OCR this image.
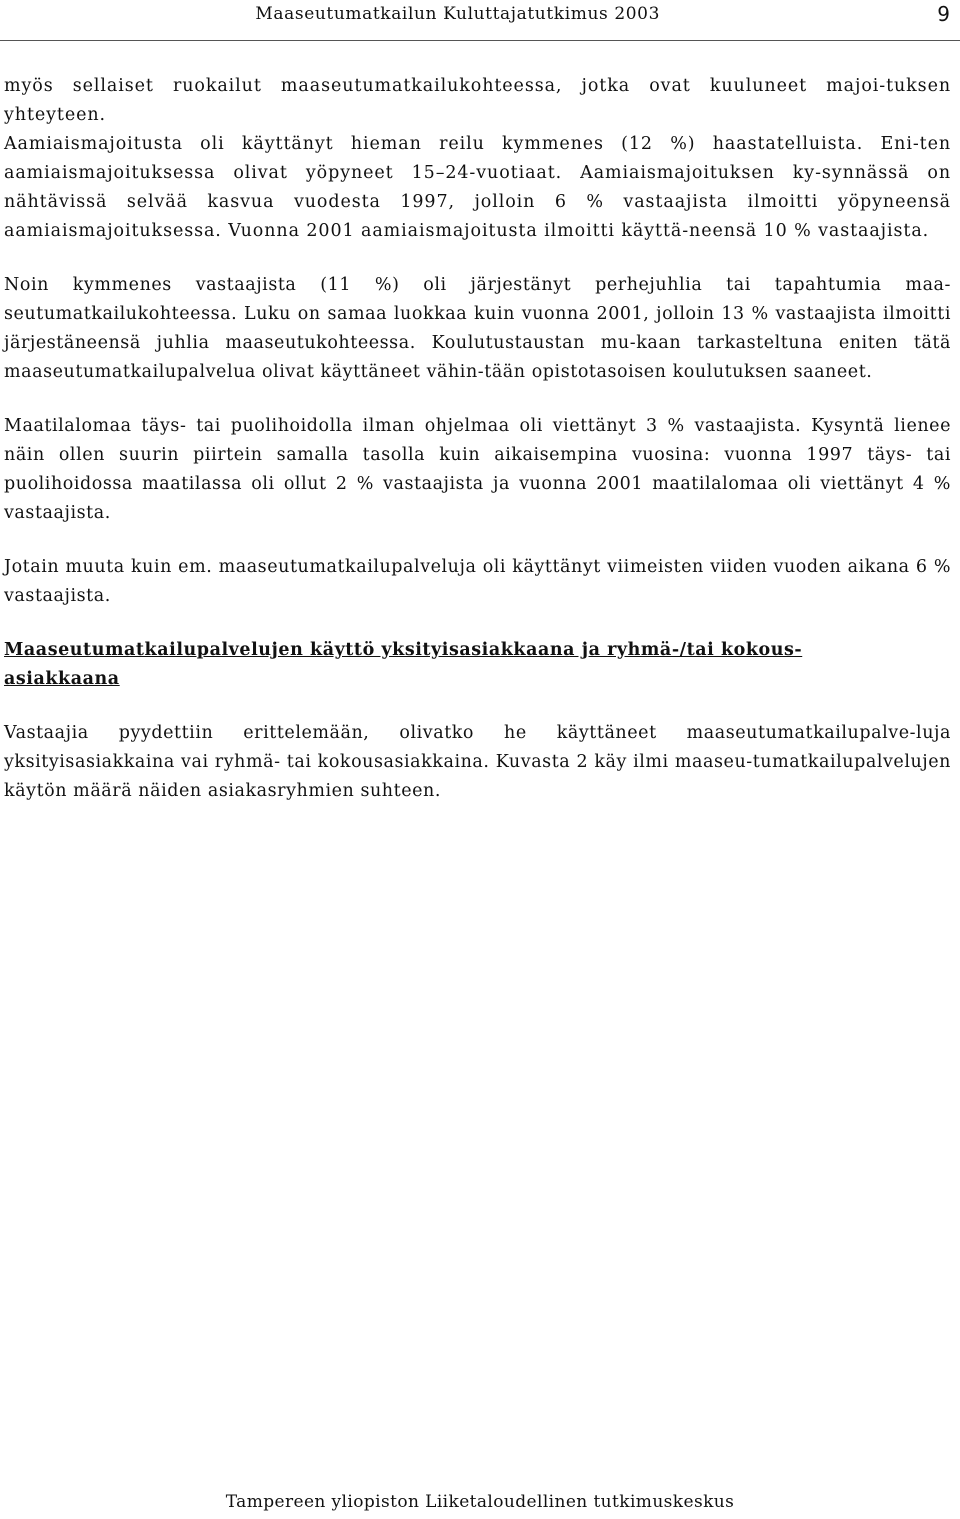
Maaseutumatkailun Kuluttajatutkimus 2003	9

myös sellaiset ruokailut maaseutumatkailukohteessa, jotka ovat kuuluneet majoi-tuksen yhteyteen.
Aamiaismajoitusta oli käyttänyt hieman reilu kymmenes (12 %) haastatelluista. Eni-ten aamiaismajoituksessa olivat yöpyneet 15–24-vuotiaat. Aamiaismajoituksen ky-synnässä on nähtävissä selvää kasvua vuodesta 1997, jolloin 6 % vastaajista ilmoitti yöpyneensä aamiaismajoituksessa. Vuonna 2001 aamiaismajoitusta ilmoitti käyttä-neensä 10 % vastaajista.

Noin kymmenes vastaajista (11 %) oli järjestänyt perhejuhlia tai tapahtumia maa-seutumatkailukohteessa. Luku on samaa luokkaa kuin vuonna 2001, jolloin 13 % vastaajista ilmoitti järjestäneensä juhlia maaseutukohteessa. Koulutustaustan mu-kaan tarkasteltuna eniten tätä maaseutumatkailupalvelua olivat käyttäneet vähin-tään opistotasoisen koulutuksen saaneet.

Maatilalomaa täys- tai puolihoidolla ilman ohjelmaa oli viettänyt 3 % vastaajista. Kysyntä lienee näin ollen suurin piirtein samalla tasolla kuin aikaisempina vuosina: vuonna 1997 täys- tai puolihoidossa maatilassa oli ollut 2 % vastaajista ja vuonna 2001 maatilalomaa oli viettänyt 4 % vastaajista.

Jotain muuta kuin em. maaseutumatkailupalveluja oli käyttänyt viimeisten viiden vuoden aikana 6 % vastaajista.

Maaseutumatkailupalvelujen käyttö yksityisasiakkaana ja ryhmä-/tai kokous-asiakkaana

Vastaajia pyydettiin erittelemään, olivatko he käyttäneet maaseutumatkailupalve-luja yksityisasiakkaina vai ryhmä- tai kokousasiakkaina. Kuvasta 2 käy ilmi maaseu-tumatkailupalvelujen käytön määrä näiden asiakasryhmien suhteen.

Tampereen yliopiston Liiketaloudellinen tutkimuskeskus
